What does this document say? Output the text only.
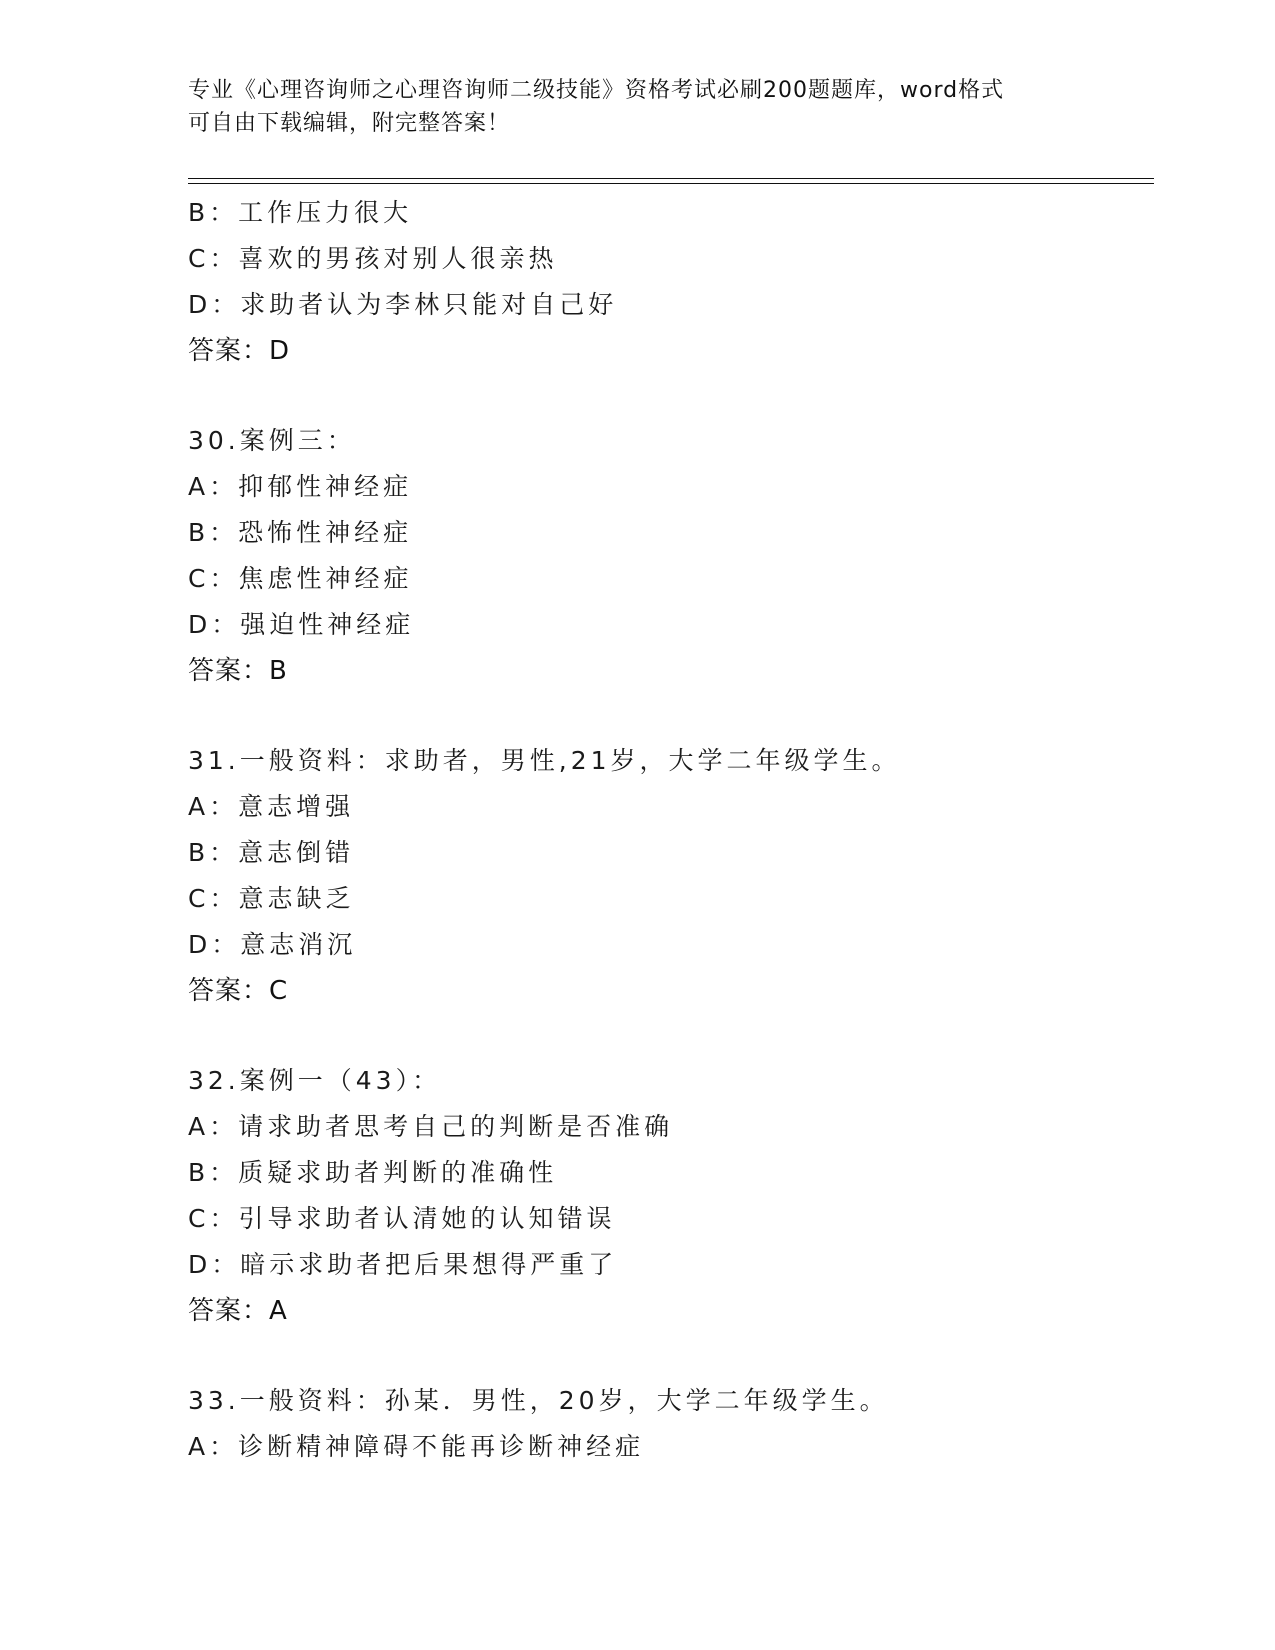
专业《心理咨询师之心理咨询师二级技能》资格考试必刷200题题库，word格式
可自由下载编辑，附完整答案！
B：工作压力很大
C：喜欢的男孩对别人很亲热
D：求助者认为李林只能对自己好
答案：D
30.案例三：
A：抑郁性神经症
B：恐怖性神经症
C：焦虑性神经症
D：强迫性神经症
答案：B
31.一般资料：求助者，男性,21岁，大学二年级学生。
A：意志增强
B：意志倒错
C：意志缺乏
D：意志消沉
答案：C
32.案例一（43）：
A：请求助者思考自己的判断是否准确
B：质疑求助者判断的准确性
C：引导求助者认清她的认知错误
D：暗示求助者把后果想得严重了
答案：A
33.一般资料：孙某．男性，20岁，大学二年级学生。
A：诊断精神障碍不能再诊断神经症
